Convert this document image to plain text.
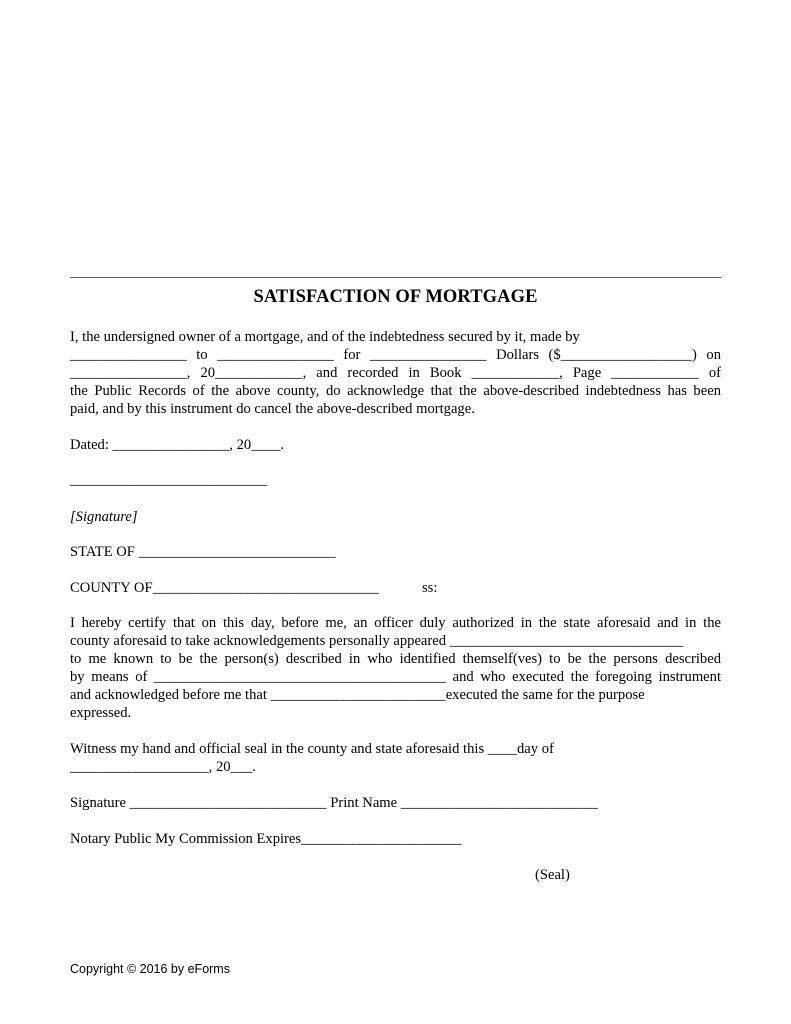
SATISFACTION OF MORTGAGE
I, the undersigned owner of a mortgage, and of the indebtedness secured by it, made by
________________ to ________________ for ________________ Dollars ($__________________) on
________________, 20____________, and recorded in Book ____________, Page ____________ of
the Public Records of the above county, do acknowledge that the above-described indebtedness has been
paid, and by this instrument do cancel the above-described mortgage.
Dated: ________________, 20____.
___________________________
[Signature]
STATE OF ___________________________
COUNTY OF_______________________________	ss:
I hereby certify that on this day, before me, an officer duly authorized in the state aforesaid and in the
county aforesaid to take acknowledgements personally appeared ________________________________
to me known to be the person(s) described in who identified themself(ves) to be the persons described
by means of ________________________________________ and who executed the foregoing instrument
and acknowledged before me that ________________________executed the same for the purpose
expressed.
Witness my hand and official seal in the county and state aforesaid this ____day of
___________________, 20___.
Signature ___________________________ Print Name ___________________________
Notary Public My Commission Expires______________________
(Seal)
Copyright © 2016 by eForms
